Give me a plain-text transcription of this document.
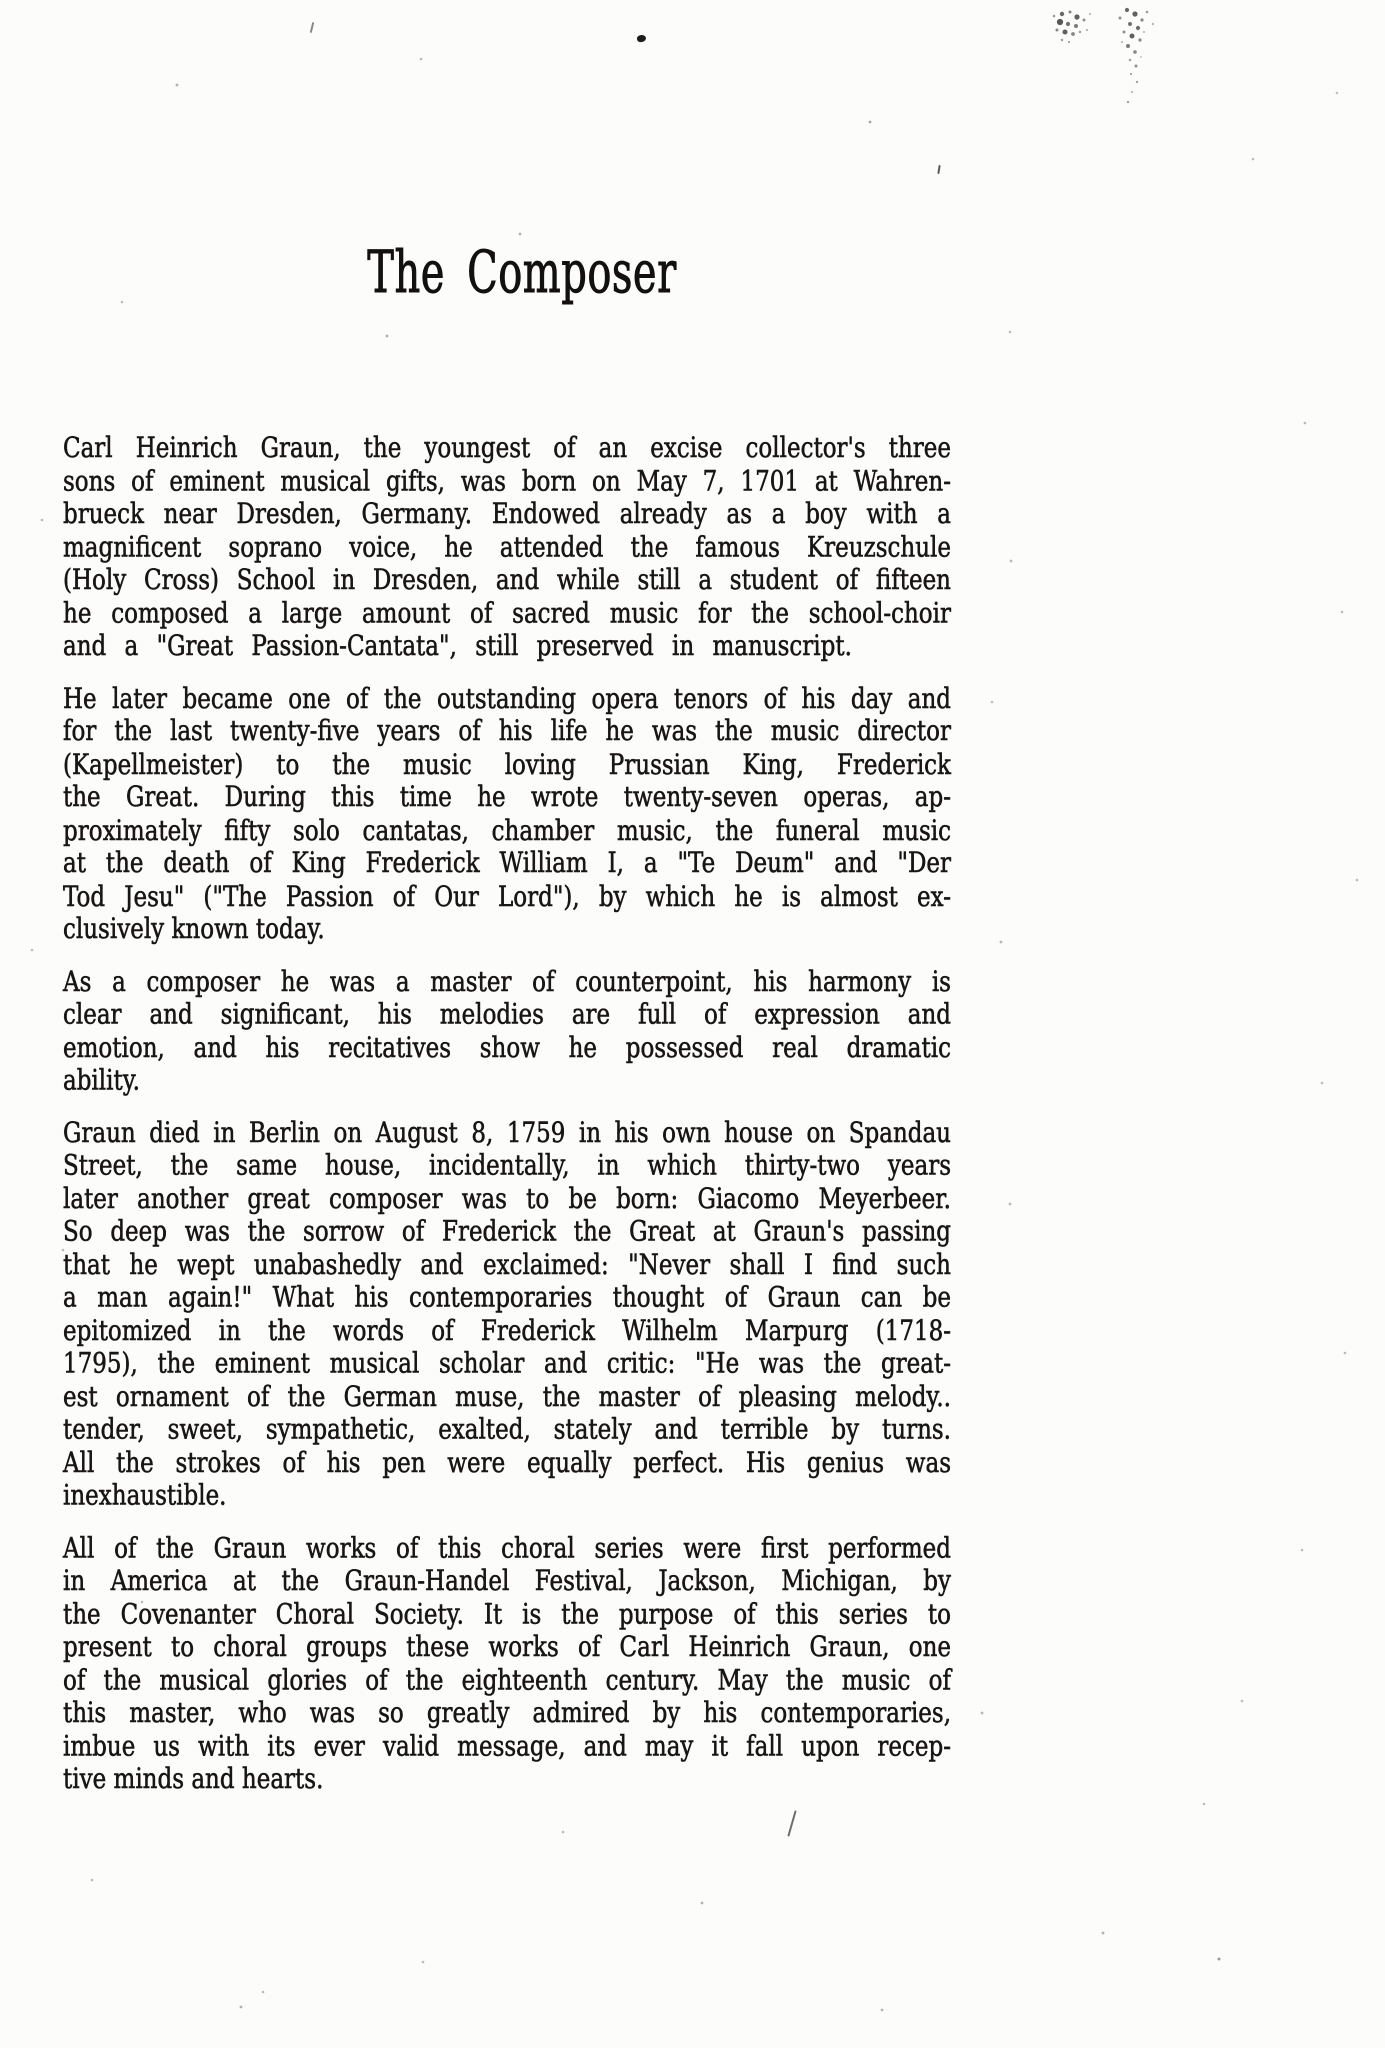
The Composer
Carl Heinrich Graun, the youngest of an excise collector's three
sons of eminent musical gifts, was born on May 7, 1701 at Wahren-
brueck near Dresden, Germany. Endowed already as a boy with a
magnificent soprano voice, he attended the famous Kreuzschule
(Holy Cross) School in Dresden, and while still a student of fifteen
he composed a large amount of sacred music for the school-choir
and a "Great Passion-Cantata", still preserved in manuscript.
He later became one of the outstanding opera tenors of his day and
for the last twenty-five years of his life he was the music director
(Kapellmeister) to the music loving Prussian King, Frederick
the Great. During this time he wrote twenty-seven operas, ap-
proximately fifty solo cantatas, chamber music, the funeral music
at the death of King Frederick William I, a "Te Deum" and "Der
Tod Jesu" ("The Passion of Our Lord"), by which he is almost ex-
clusively known today.
As a composer he was a master of counterpoint, his harmony is
clear and significant, his melodies are full of expression and
emotion, and his recitatives show he possessed real dramatic
ability.
Graun died in Berlin on August 8, 1759 in his own house on Spandau
Street, the same house, incidentally, in which thirty-two years
later another great composer was to be born: Giacomo Meyerbeer.
So deep was the sorrow of Frederick the Great at Graun's passing
that he wept unabashedly and exclaimed: "Never shall I find such
a man again!" What his contemporaries thought of Graun can be
epitomized in the words of Frederick Wilhelm Marpurg (1718-
1795), the eminent musical scholar and critic: "He was the great-
est ornament of the German muse, the master of pleasing melody..
tender, sweet, sympathetic, exalted, stately and terrible by turns.
All the strokes of his pen were equally perfect. His genius was
inexhaustible.
All of the Graun works of this choral series were first performed
in America at the Graun-Handel Festival, Jackson, Michigan, by
the Covenanter Choral Society. It is the purpose of this series to
present to choral groups these works of Carl Heinrich Graun, one
of the musical glories of the eighteenth century. May the music of
this master, who was so greatly admired by his contemporaries,
imbue us with its ever valid message, and may it fall upon recep-
tive minds and hearts.
